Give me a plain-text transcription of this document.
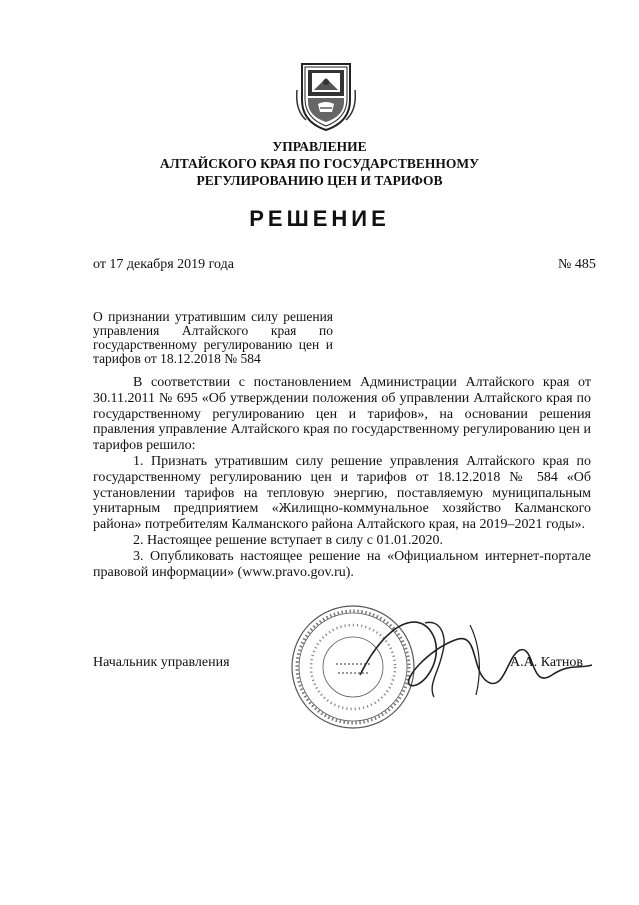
УПРАВЛЕНИЕ
АЛТАЙСКОГО КРАЯ ПО ГОСУДАРСТВЕННОМУ
РЕГУЛИРОВАНИЮ ЦЕН И ТАРИФОВ
РЕШЕНИЕ
от 17 декабря 2019 года	№ 485
О признании утратившим силу решения управления Алтайского края по государственному регулированию цен и тарифов от 18.12.2018 № 584

В соответствии с постановлением Администрации Алтайского края от 30.11.2011 № 695 «Об утверждении положения об управлении Алтайского края по государственному регулированию цен и тарифов», на основании решения правления управление Алтайского края по государственному регулированию цен и тарифов решило:

1. Признать утратившим силу решение управления Алтайского края по государственному регулированию цен и тарифов от 18.12.2018 № 584 «Об установлении тарифов на тепловую энергию, поставляемую муниципальным унитарным предприятием «Жилищно-коммунальное хозяйство Калманского района» потребителям Калманского района Алтайского края, на 2019–2021 годы».

2. Настоящее решение вступает в силу с 01.01.2020.

3. Опубликовать настоящее решение на «Официальном интернет-портале правовой информации» (www.pravo.gov.ru).

Начальник управления	А.А. Катнов
